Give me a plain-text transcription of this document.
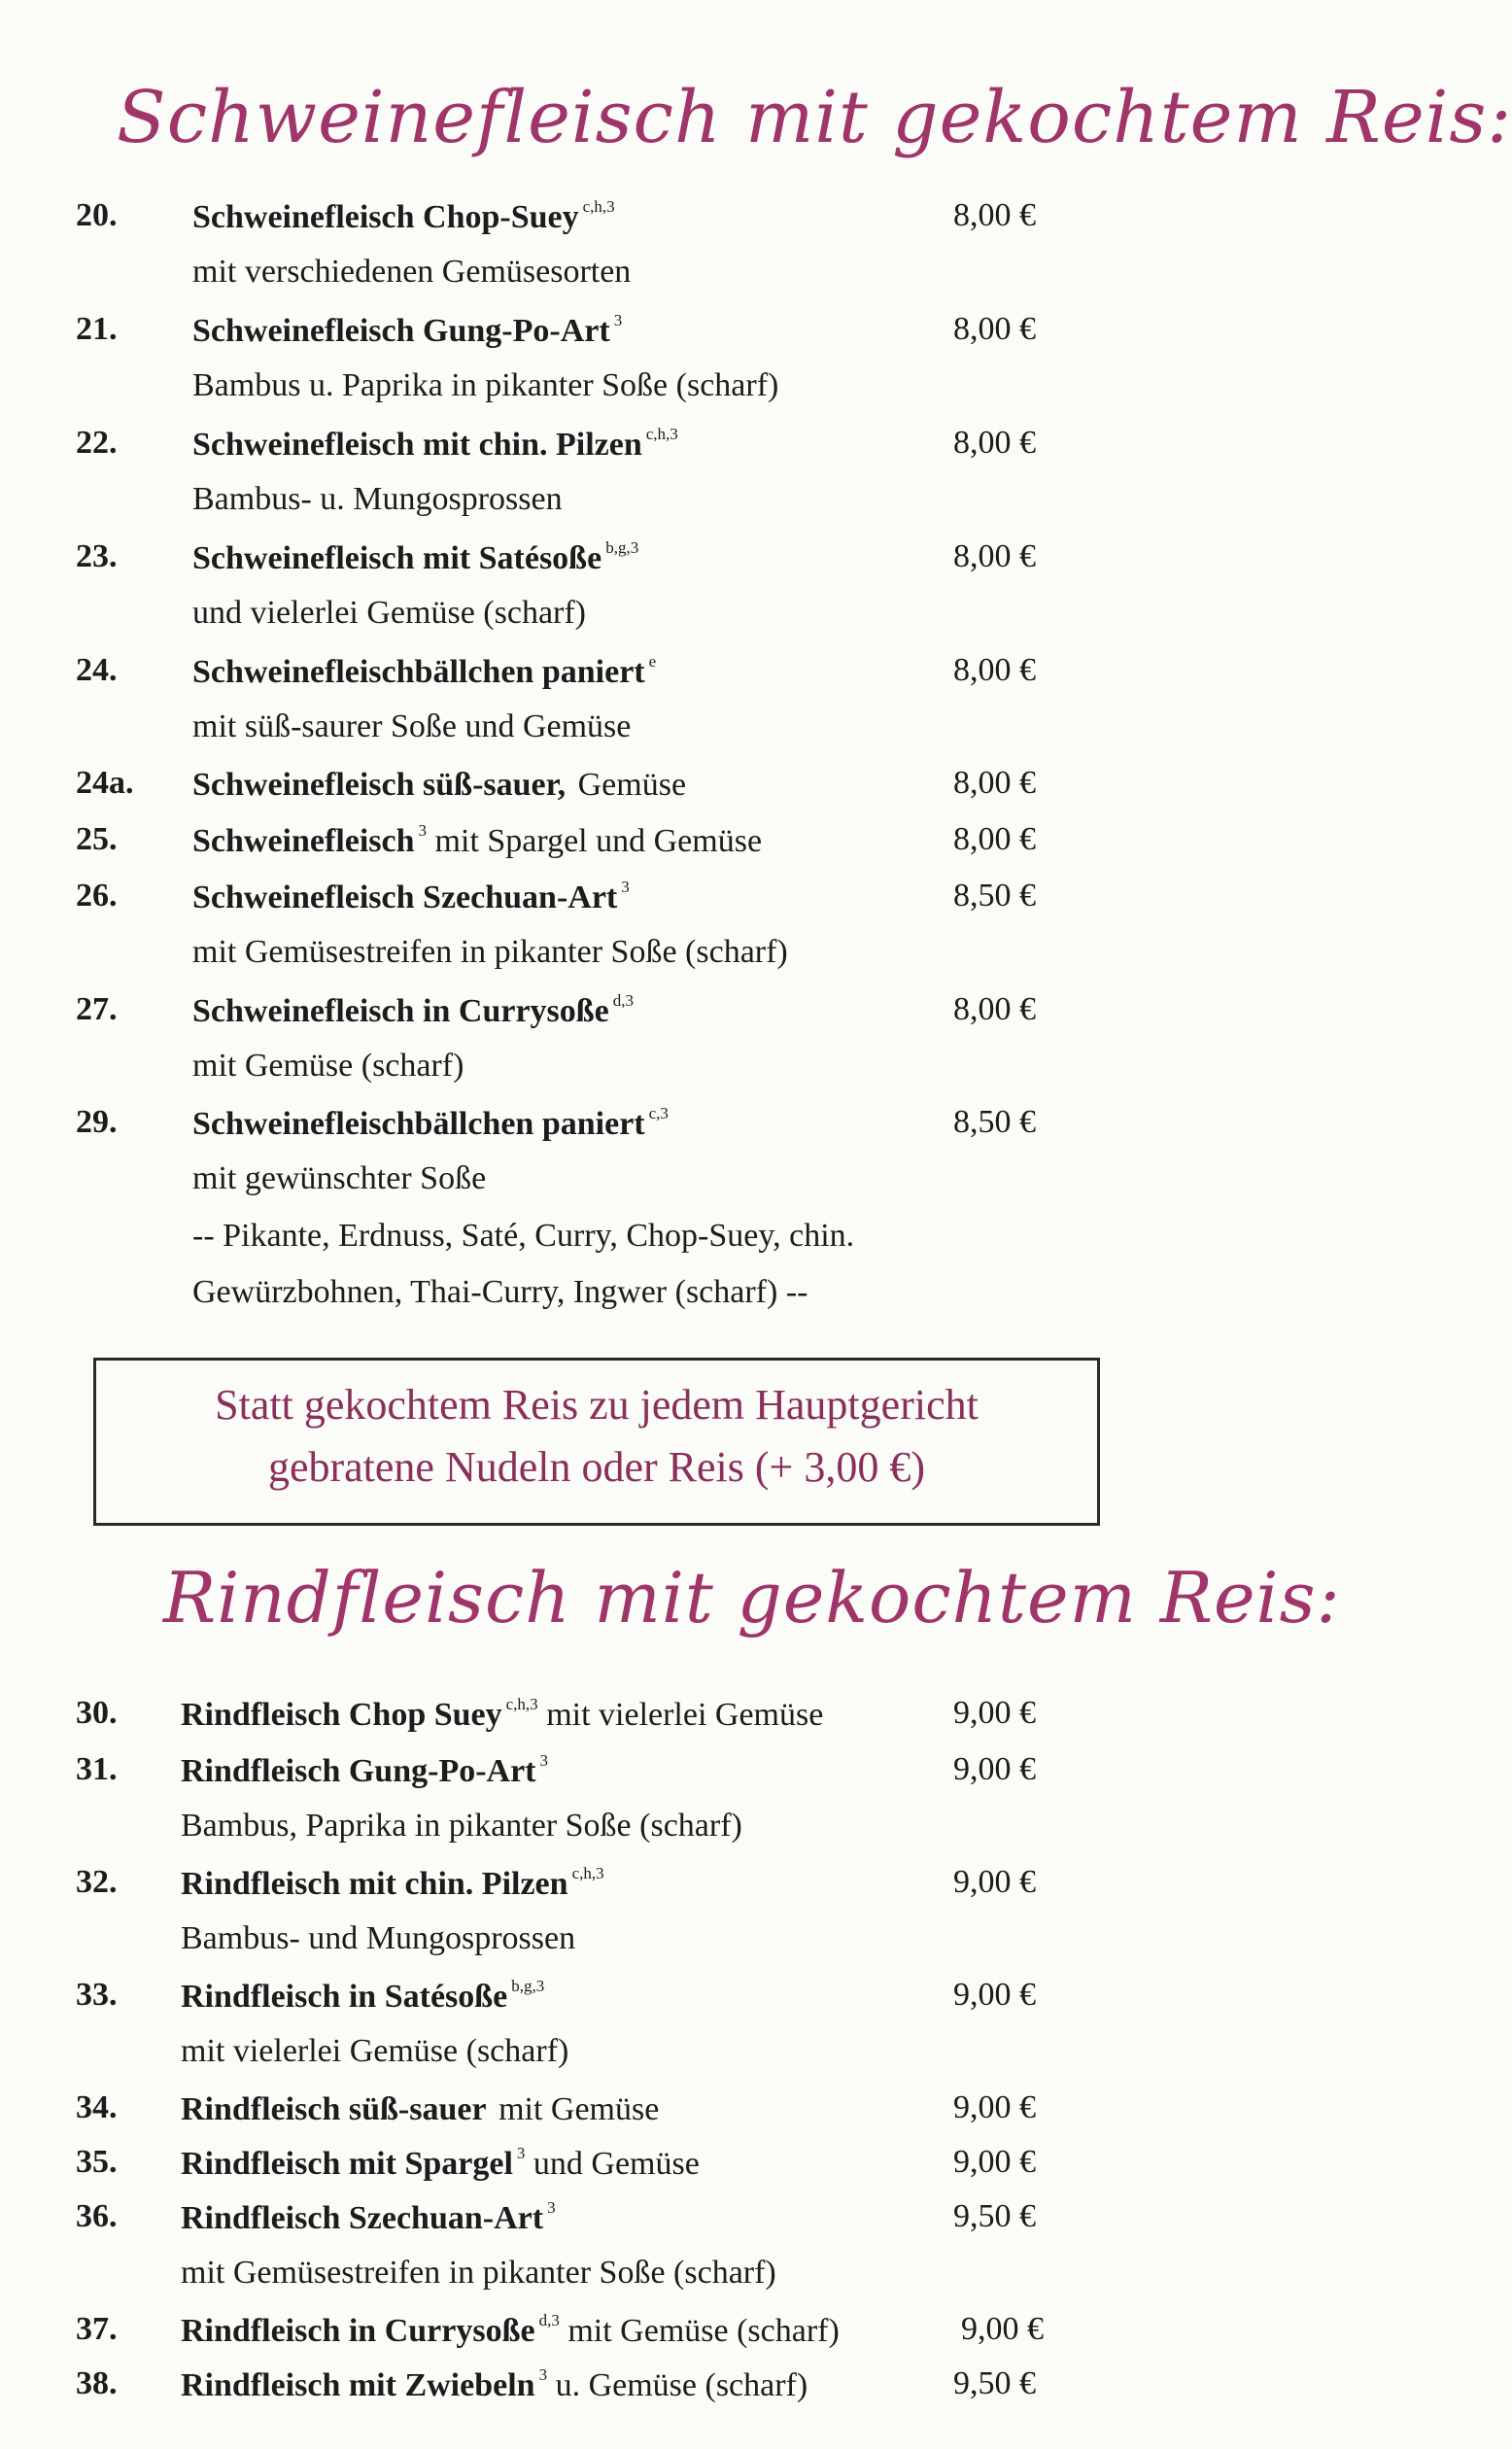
Schweinefleisch mit gekochtem Reis:
20. Schweinefleisch Chop-Suey $^{c,h,3}$	8,00 €
mit verschiedenen Gemüsesorten
21. Schweinefleisch Gung-Po-Art $^3$	8,00 €
Bambus u. Paprika in pikanter Soße (scharf)
22. Schweinefleisch mit chin. Pilzen $^{c,h,3}$	8,00 €
Bambus- u. Mungosprossen
23. Schweinefleisch mit Satésoße $^{b,g,3}$	8,00 €
und vielerlei Gemüse (scharf)
24. Schweinefleischbällchen paniert $^e$	8,00 €
mit süß-saurer Soße und Gemüse
24a. Schweinefleisch süß-sauer, Gemüse	8,00 €
25. Schweinefleisch $^3$ mit Spargel und Gemüse	8,00 €
26. Schweinefleisch Szechuan-Art $^3$	8,50 €
mit Gemüsestreifen in pikanter Soße (scharf)
27. Schweinefleisch in Currysoße $^{d,3}$	8,00 €
mit Gemüse (scharf)
29. Schweinefleischbällchen paniert $^{c,3}$	8,50 €
mit gewünschter Soße
-- Pikante, Erdnuss, Saté, Curry, Chop-Suey, chin.
Gewürzbohnen, Thai-Curry, Ingwer (scharf) --
Statt gekochtem Reis zu jedem Hauptgericht
gebratene Nudeln oder Reis (+ 3,00 €)
Rindfleisch mit gekochtem Reis:
30. Rindfleisch Chop Suey $^{c,h,3}$ mit vielerlei Gemüse	9,00 €
31. Rindfleisch Gung-Po-Art $^3$	9,00 €
Bambus, Paprika in pikanter Soße (scharf)
32. Rindfleisch mit chin. Pilzen $^{c,h,3}$	9,00 €
Bambus- und Mungosprossen
33. Rindfleisch in Satésoße $^{b,g,3}$	9,00 €
mit vielerlei Gemüse (scharf)
34. Rindfleisch süß-sauer mit Gemüse	9,00 €
35. Rindfleisch mit Spargel $^3$ und Gemüse	9,00 €
36. Rindfleisch Szechuan-Art $^3$	9,50 €
mit Gemüsestreifen in pikanter Soße (scharf)
37. Rindfleisch in Currysoße $^{d,3}$ mit Gemüse (scharf)	9,00 €
38. Rindfleisch mit Zwiebeln $^3$ u. Gemüse (scharf)	9,50 €
